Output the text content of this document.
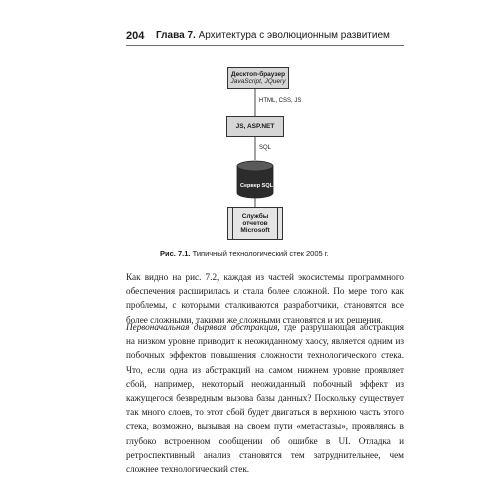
204 Глава 7. Архитектура с эволюционным развитием
Десктоп-браузер
JavaScript, JQuery
HTML, CSS, JS
JS, ASP.NET
SQL
Сервер SQL
Службы
отчетов
Microsoft
Рис. 7.1. Типичный технологический стек 2005 г.

Как видно на рис. 7.2, каждая из частей экосистемы программного обеспечения расширилась и стала более сложной. По мере того как проблемы, с которыми сталкиваются разработчики, становятся все более сложными, такими же сложными становятся и их решения.

Первоначальная дырявая абстракция, где разрушающая абстракция на низком уровне приводит к неожиданному хаосу, является одним из побочных эффектов повышения сложности технологического стека. Что, если одна из абстракций на самом нижнем уровне проявляет сбой, например, некоторый неожиданный побочный эффект из кажущегося безвредным вызова базы данных? Поскольку существует так много слоев, то этот сбой будет двигаться в верхнюю часть этого стека, возможно, вызывая на своем пути «метастазы», проявляясь в глубоко встроенном сообщении об ошибке в UI. Отладка и ретроспективный анализ становятся тем затруднительнее, чем сложнее технологический стек.
